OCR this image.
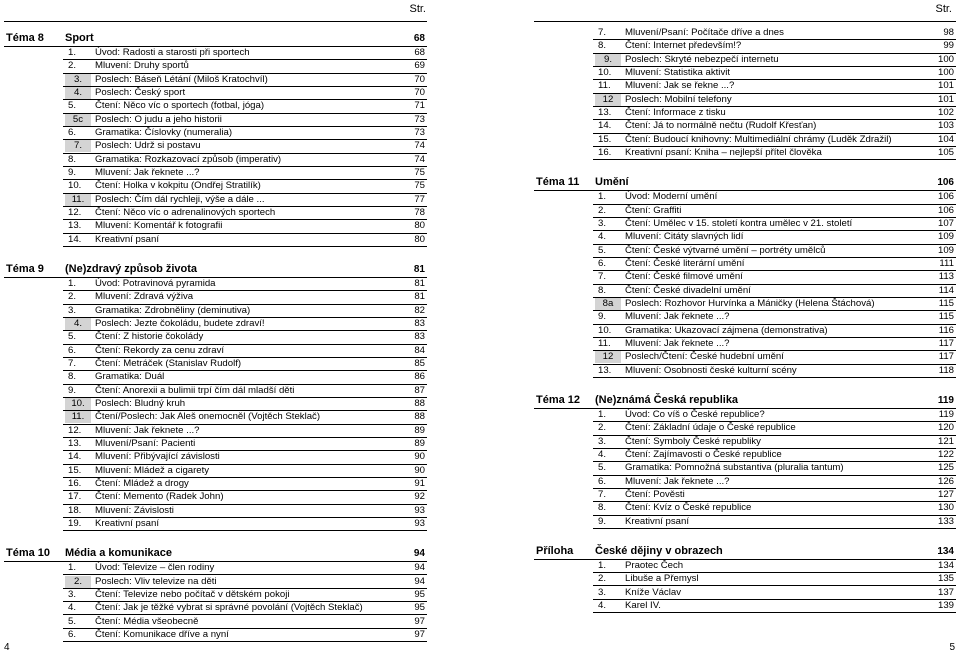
Str.
Téma 8	Sport	68
1.	Úvod: Radosti a starosti při sportech	68
2.	Mluvení: Druhy sportů	69
3.	Poslech: Báseň Létání (Miloš Kratochvíl)	70
4.	Poslech: Český sport	70
5.	Čtení: Něco víc o sportech (fotbal, jóga)	71
5c	Poslech: O judu a jeho historii	73
6.	Gramatika: Číslovky (numeralia)	73
7.	Poslech: Udrž si postavu	74
8.	Gramatika: Rozkazovací způsob (imperativ)	74
9.	Mluvení: Jak řeknete ...?	75
10.	Čtení: Holka v kokpitu (Ondřej Stratilík)	75
11.	Poslech: Čím dál rychleji, výše a dále ...	77
12.	Čtení: Něco víc o adrenalinových sportech	78
13.	Mluvení: Komentář k fotografii	80
14.	Kreativní psaní	80
Téma 9	(Ne)zdravý způsob života	81
1.	Úvod: Potravinová pyramida	81
2.	Mluvení: Zdravá výživa	81
3.	Gramatika: Zdrobněliny (deminutiva)	82
4.	Poslech: Jezte čokoládu, budete zdraví!	83
5.	Čtení: Z historie čokolády	83
6.	Čtení: Rekordy za cenu zdraví	84
7.	Čtení: Metráček (Stanislav Rudolf)	85
8.	Gramatika: Duál	86
9.	Čtení: Anorexii a bulimii trpí čím dál mladší děti	87
10.	Poslech: Bludný kruh	88
11.	Čtení/Poslech: Jak Aleš onemocněl (Vojtěch Steklač)	88
12.	Mluvení: Jak řeknete ...?	89
13.	Mluvení/Psaní: Pacienti	89
14.	Mluvení: Přibývající závislosti	90
15.	Mluvení: Mládež a cigarety	90
16.	Čtení: Mládež a drogy	91
17.	Čtení: Memento (Radek John)	92
18.	Mluvení: Závislosti	93
19.	Kreativní psaní	93
Téma 10	Média a komunikace	94
1.	Úvod: Televize – člen rodiny	94
2.	Poslech: Vliv televize na děti	94
3.	Čtení: Televize nebo počítač v dětském pokoji	95
4.	Čtení: Jak je těžké vybrat si správné povolání (Vojtěch Steklač)	95
5.	Čtení: Média všeobecně	97
6.	Čtení: Komunikace dříve a nyní	97
Str.
7.	Mluvení/Psaní: Počítače dříve a dnes	98
8.	Čtení: Internet především!?	99
9.	Poslech: Skryté nebezpečí internetu	100
10.	Mluvení: Statistika aktivit	100
11.	Mluvení: Jak se řekne ...?	101
12	Poslech: Mobilní telefony	101
13.	Čtení: Informace z tisku	102
14.	Čtení: Já to normálně nečtu (Rudolf Křesťan)	103
15.	Čtení: Budoucí knihovny: Multimediální chrámy (Luděk Zdražil)	104
16.	Kreativní psaní: Kniha – nejlepší přítel člověka	105
Téma 11	Umění	106
1.	Úvod: Moderní umění	106
2.	Čtení: Graffiti	106
3.	Čtení: Umělec v 15. století kontra umělec v 21. století	107
4.	Mluvení: Citáty slavných lidí	109
5.	Čtení: České výtvarné umění – portréty umělců	109
6.	Čtení: České literární umění	111
7.	Čtení: České filmové umění	113
8.	Čtení: České divadelní umění	114
8a	Poslech: Rozhovor Hurvínka a Máničky (Helena Štáchová)	115
9.	Mluvení: Jak řeknete ...?	115
10.	Gramatika: Ukazovací zájmena (demonstrativa)	116
11.	Mluvení: Jak řeknete ...?	117
12	Poslech/Čtení: České hudební umění	117
13.	Mluvení: Osobnosti české kulturní scény	118
Téma 12	(Ne)známá Česká republika	119
1.	Úvod: Co víš o České republice?	119
2.	Čtení: Základní údaje o České republice	120
3.	Čtení: Symboly České republiky	121
4.	Čtení: Zajímavosti o České republice	122
5.	Gramatika: Pomnožná substantiva (pluralia tantum)	125
6.	Mluvení: Jak řeknete ...?	126
7.	Čtení: Pověsti	127
8.	Čtení: Kvíz o České republice	130
9.	Kreativní psaní	133
Příloha	České dějiny v obrazech	134
1.	Praotec Čech	134
2.	Libuše a Přemysl	135
3.	Kníže Václav	137
4.	Karel IV.	139
4	5
